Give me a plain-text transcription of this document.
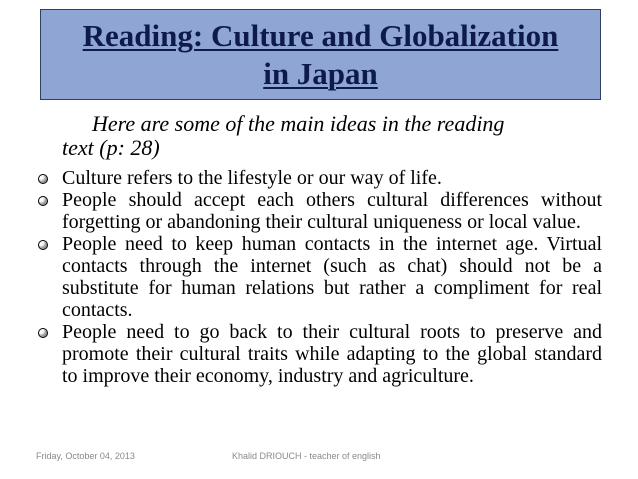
Reading: Culture and Globalization
in Japan
Here are some of the main ideas in the reading
text (p: 28)
Culture refers to the lifestyle or our way of life.
People should accept each others cultural differences without forgetting or abandoning their cultural uniqueness or local value.
People need to keep human contacts in the internet age. Virtual contacts through the internet (such as chat) should not be a substitute for human relations but rather a compliment for real contacts.
People need to go back to their cultural roots to preserve and promote their cultural traits while adapting to the global standard to improve their economy, industry and agriculture.
Friday, October 04, 2013	Khalid DRIOUCH - teacher of english
